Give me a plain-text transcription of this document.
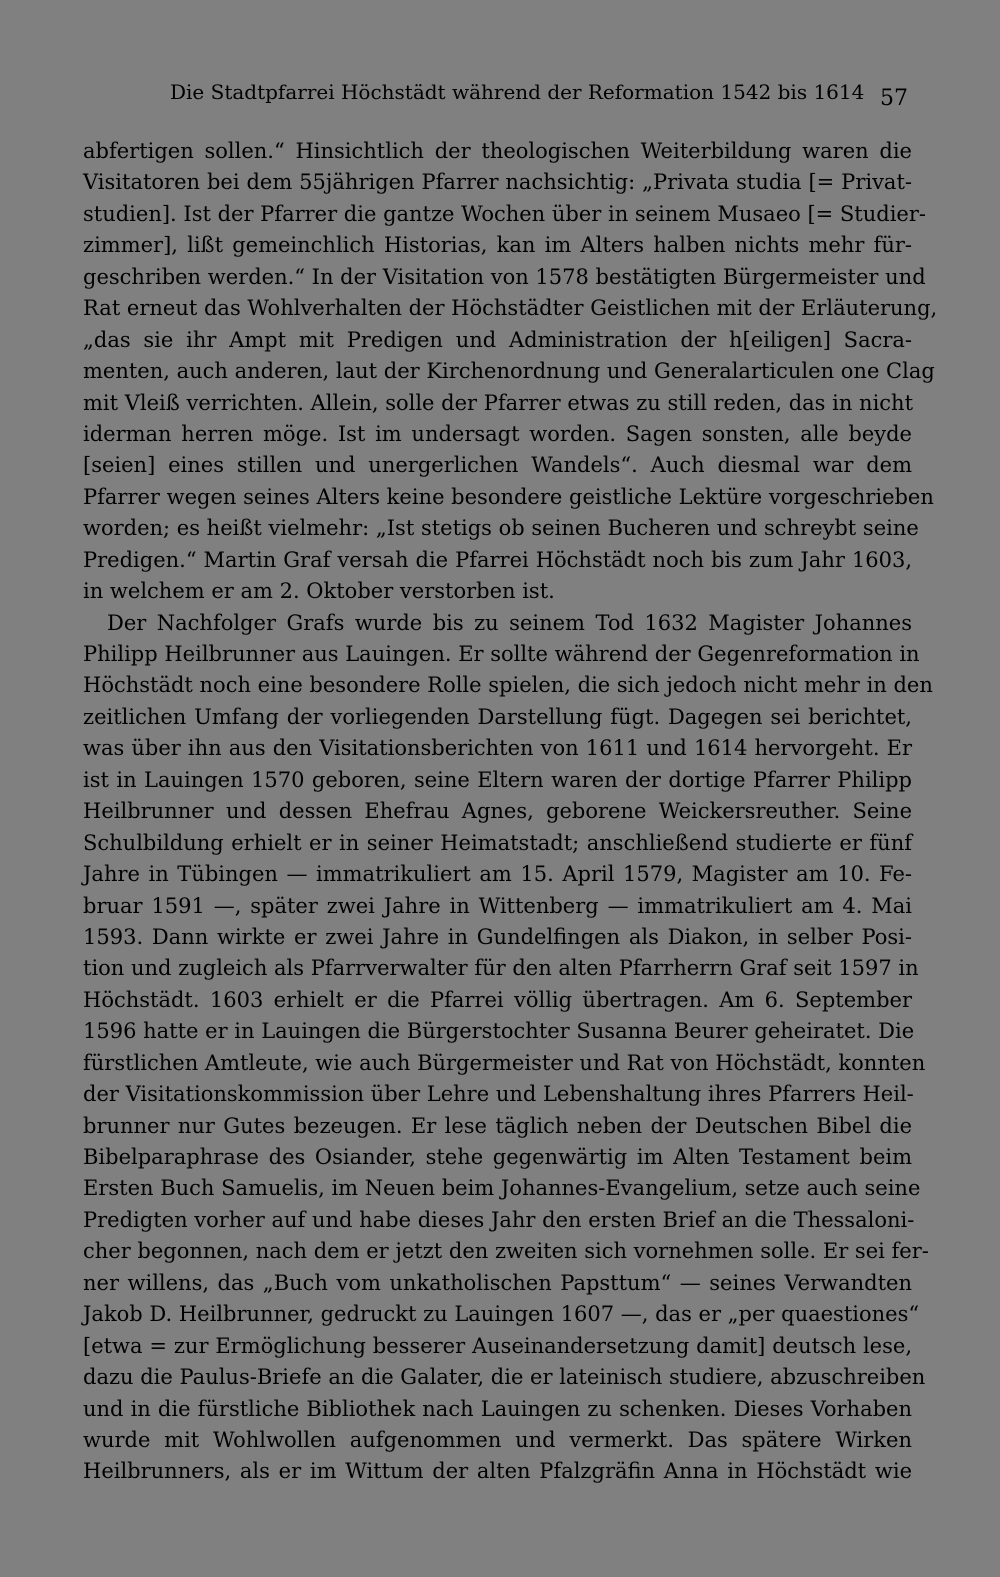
Die Stadtpfarrei Höchstädt während der Reformation 1542 bis 1614 57
abfertigen sollen.“ Hinsichtlich der theologischen Weiterbildung waren die
Visitatoren bei dem 55jährigen Pfarrer nachsichtig: „Privata studia [= Privat-
studien]. Ist der Pfarrer die gantze Wochen über in seinem Musaeo [= Studier-
zimmer], lißt gemeinchlich Historias, kan im Alters halben nichts mehr für-
geschriben werden.“ In der Visitation von 1578 bestätigten Bürgermeister und
Rat erneut das Wohlverhalten der Höchstädter Geistlichen mit der Erläuterung,
„das sie ihr Ampt mit Predigen und Administration der h[eiligen] Sacra-
menten, auch anderen, laut der Kirchenordnung und Generalarticulen one Clag
mit Vleiß verrichten. Allein, solle der Pfarrer etwas zu still reden, das in nicht
iderman herren möge. Ist im undersagt worden. Sagen sonsten, alle beyde
[seien] eines stillen und unergerlichen Wandels“. Auch diesmal war dem
Pfarrer wegen seines Alters keine besondere geistliche Lektüre vorgeschrieben
worden; es heißt vielmehr: „Ist stetigs ob seinen Bucheren und schreybt seine
Predigen.“ Martin Graf versah die Pfarrei Höchstädt noch bis zum Jahr 1603,
in welchem er am 2. Oktober verstorben ist.
Der Nachfolger Grafs wurde bis zu seinem Tod 1632 Magister Johannes
Philipp Heilbrunner aus Lauingen. Er sollte während der Gegenreformation in
Höchstädt noch eine besondere Rolle spielen, die sich jedoch nicht mehr in den
zeitlichen Umfang der vorliegenden Darstellung fügt. Dagegen sei berichtet,
was über ihn aus den Visitationsberichten von 1611 und 1614 hervorgeht. Er
ist in Lauingen 1570 geboren, seine Eltern waren der dortige Pfarrer Philipp
Heilbrunner und dessen Ehefrau Agnes, geborene Weickersreuther. Seine
Schulbildung erhielt er in seiner Heimatstadt; anschließend studierte er fünf
Jahre in Tübingen — immatrikuliert am 15. April 1579, Magister am 10. Fe-
bruar 1591 —, später zwei Jahre in Wittenberg — immatrikuliert am 4. Mai
1593. Dann wirkte er zwei Jahre in Gundelfingen als Diakon, in selber Posi-
tion und zugleich als Pfarrverwalter für den alten Pfarrherrn Graf seit 1597 in
Höchstädt. 1603 erhielt er die Pfarrei völlig übertragen. Am 6. September
1596 hatte er in Lauingen die Bürgerstochter Susanna Beurer geheiratet. Die
fürstlichen Amtleute, wie auch Bürgermeister und Rat von Höchstädt, konnten
der Visitationskommission über Lehre und Lebenshaltung ihres Pfarrers Heil-
brunner nur Gutes bezeugen. Er lese täglich neben der Deutschen Bibel die
Bibelparaphrase des Osiander, stehe gegenwärtig im Alten Testament beim
Ersten Buch Samuelis, im Neuen beim Johannes-Evangelium, setze auch seine
Predigten vorher auf und habe dieses Jahr den ersten Brief an die Thessaloni-
cher begonnen, nach dem er jetzt den zweiten sich vornehmen solle. Er sei fer-
ner willens, das „Buch vom unkatholischen Papsttum“ — seines Verwandten
Jakob D. Heilbrunner, gedruckt zu Lauingen 1607 —, das er „per quaestiones“
[etwa = zur Ermöglichung besserer Auseinandersetzung damit] deutsch lese,
dazu die Paulus-Briefe an die Galater, die er lateinisch studiere, abzuschreiben
und in die fürstliche Bibliothek nach Lauingen zu schenken. Dieses Vorhaben
wurde mit Wohlwollen aufgenommen und vermerkt. Das spätere Wirken
Heilbrunners, als er im Wittum der alten Pfalzgräfin Anna in Höchstädt wie
